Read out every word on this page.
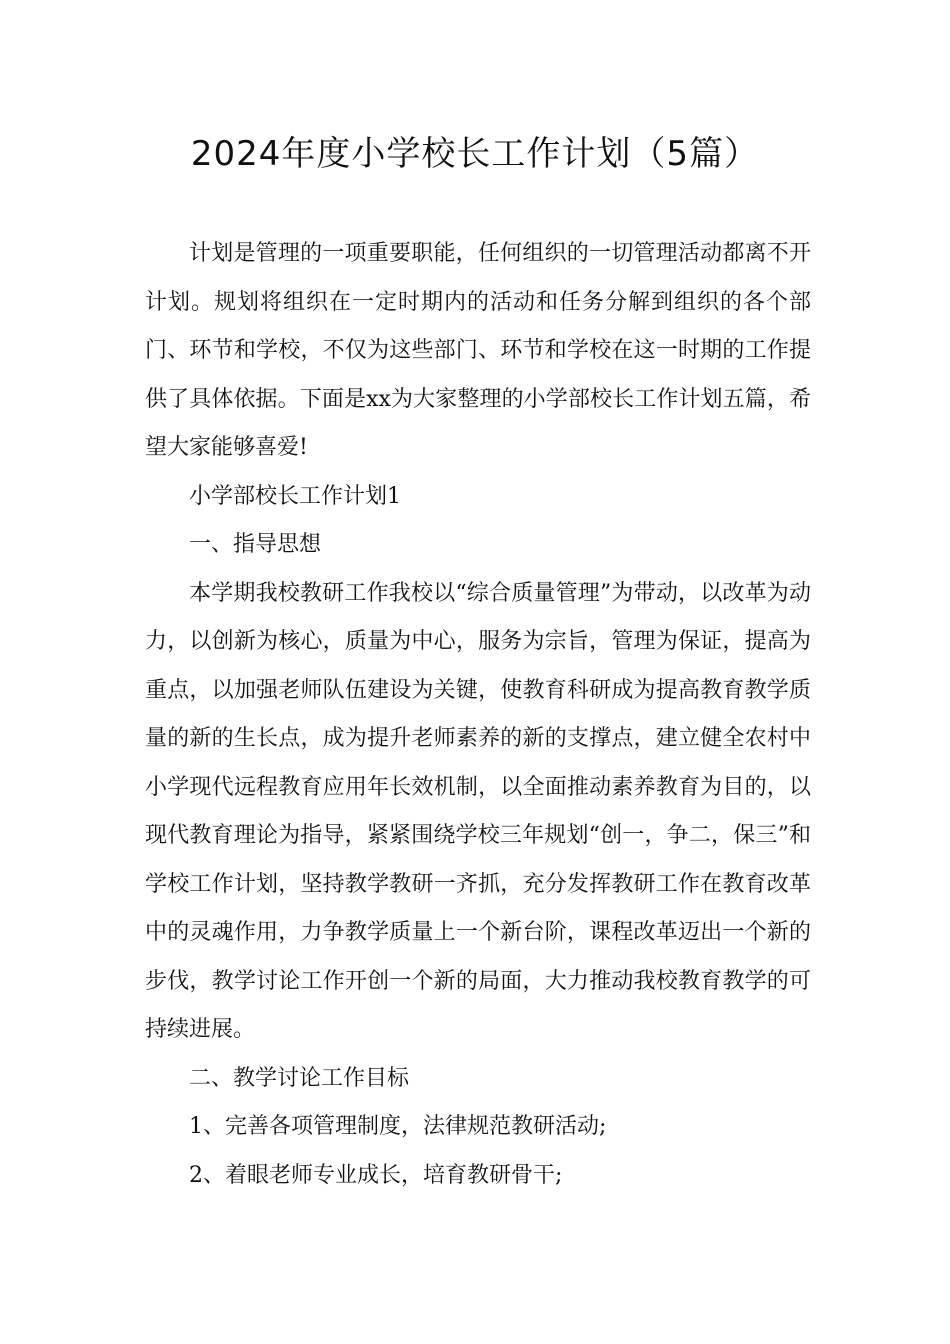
2024年度小学校长工作计划（5篇）

计划是管理的一项重要职能，任何组织的一切管理活动都离不开计划。规划将组织在一定时期内的活动和任务分解到组织的各个部门、环节和学校，不仅为这些部门、环节和学校在这一时期的工作提供了具体依据。下面是xx为大家整理的小学部校长工作计划五篇，希望大家能够喜爱!

小学部校长工作计划1

一、指导思想

本学期我校教研工作我校以“综合质量管理”为带动，以改革为动力，以创新为核心，质量为中心，服务为宗旨，管理为保证，提高为重点，以加强老师队伍建设为关键，使教育科研成为提高教育教学质量的新的生长点，成为提升老师素养的新的支撑点，建立健全农村中小学现代远程教育应用年长效机制，以全面推动素养教育为目的，以现代教育理论为指导，紧紧围绕学校三年规划“创一，争二，保三”和学校工作计划，坚持教学教研一齐抓，充分发挥教研工作在教育改革中的灵魂作用，力争教学质量上一个新台阶，课程改革迈出一个新的步伐，教学讨论工作开创一个新的局面，大力推动我校教育教学的可持续进展。

二、教学讨论工作目标

1、完善各项管理制度，法律规范教研活动;

2、着眼老师专业成长，培育教研骨干;
